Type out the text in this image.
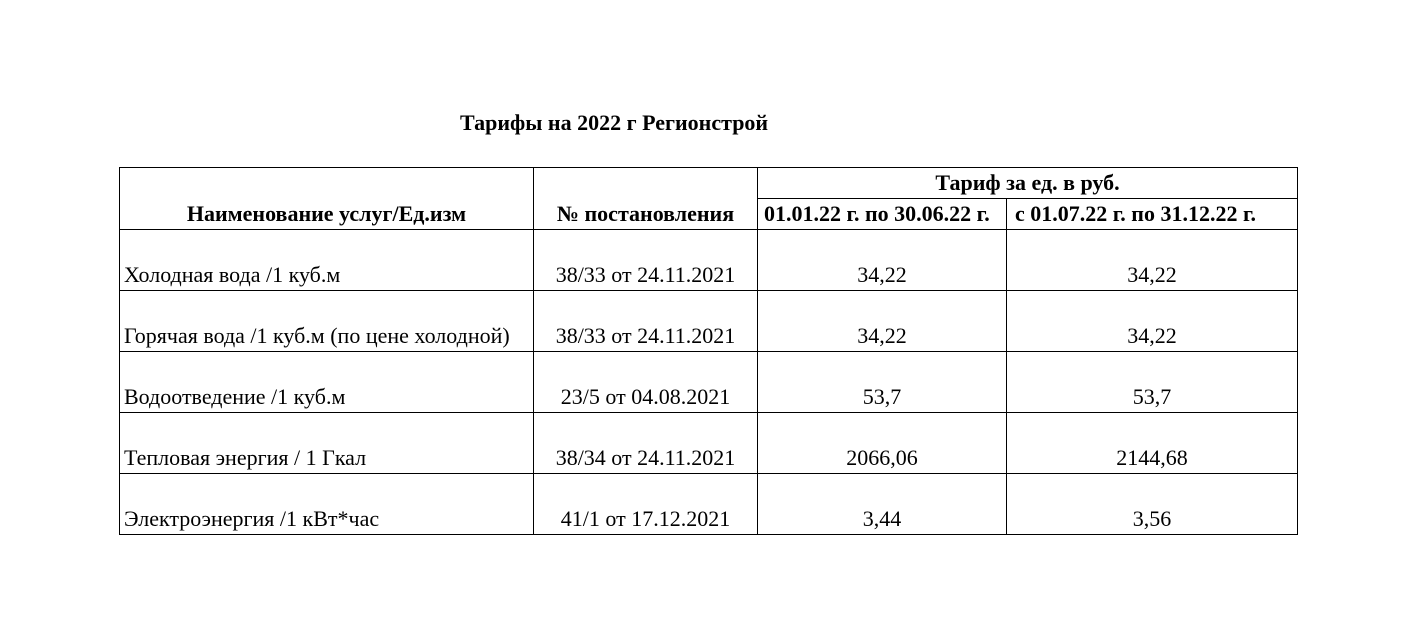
Тарифы на 2022 г Регионстрой
Наименование услуг/Ед.изм	№ постановления	Тариф за ед. в руб.	
		01.01.22 г. по 30.06.22 г.	с 01.07.22 г. по 31.12.22 г.
Холодная вода /1 куб.м	38/33 от 24.11.2021	34,22	34,22
Горячая вода /1 куб.м (по цене холодной)	38/33 от 24.11.2021	34,22	34,22
Водоотведение /1 куб.м	23/5 от 04.08.2021	53,7	53,7
Тепловая энергия / 1 Гкал	38/34 от 24.11.2021	2066,06	2144,68
Электроэнергия /1 кВт*час	41/1 от 17.12.2021	3,44	3,56
